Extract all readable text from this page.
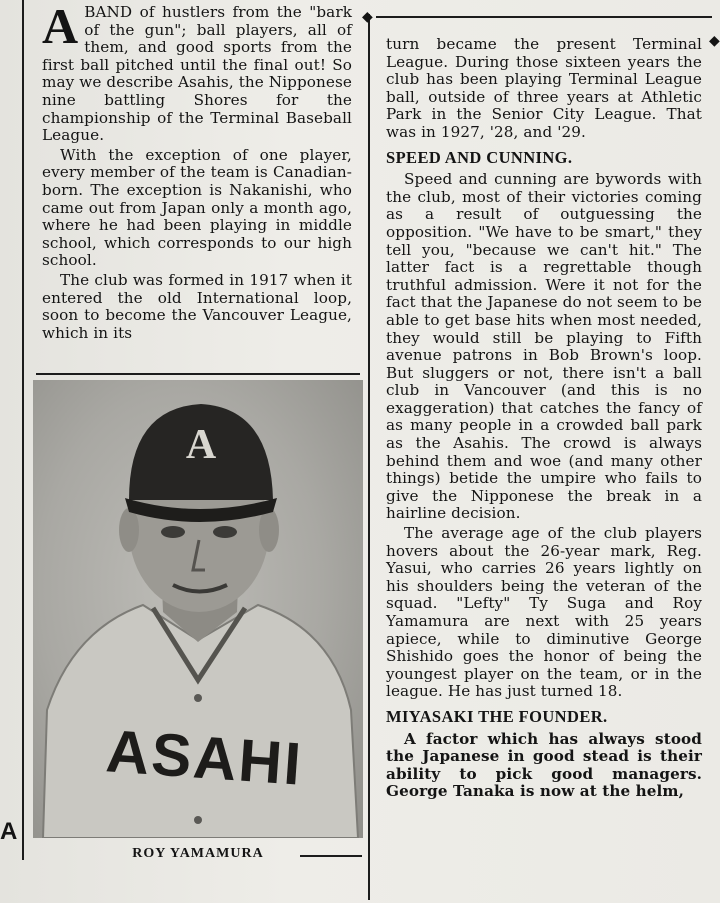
◆
◆

ABAND of hustlers from the "bark of the gun"; ball players, all of them, and good sports from the first ball pitched until the final out! So may we describe Asahis, the Nipponese nine battling Shores for the championship of the Terminal Baseball League.

With the exception of one player, every member of the team is Canadian-born. The exception is Nakanishi, who came out from Japan only a month ago, where he had been playing in middle school, which corresponds to our high school.

The club was formed in 1917 when it entered the old International loop, soon to become the Vancouver League, which in its

A
ASAHI
ROY YAMAMURA

turn became the present Terminal League. During those sixteen years the club has been playing Terminal League ball, outside of three years at Athletic Park in the Senior City League. That was in 1927, '28, and '29.

SPEED AND CUNNING.

Speed and cunning are bywords with the club, most of their victories coming as a result of outguessing the opposition. "We have to be smart," they tell you, "because we can't hit." The latter fact is a regrettable though truthful admission. Were it not for the fact that the Japanese do not seem to be able to get base hits when most needed, they would still be playing to Fifth avenue patrons in Bob Brown's loop. But sluggers or not, there isn't a ball club in Vancouver (and this is no exaggeration) that catches the fancy of as many people in a crowded ball park as the Asahis. The crowd is always behind them and woe (and many other things) betide the umpire who fails to give the Nipponese the break in a hairline decision.

The average age of the club players hovers about the 26-year mark, Reg. Yasui, who carries 26 years lightly on his shoulders being the veteran of the squad. "Lefty" Ty Suga and Roy Yamamura are next with 25 years apiece, while to diminutive George Shishido goes the honor of being the youngest player on the team, or in the league. He has just turned 18.

MIYASAKI THE FOUNDER.

A factor which has always stood the Japanese in good stead is their ability to pick good managers. George Tanaka is now at the helm,

A
